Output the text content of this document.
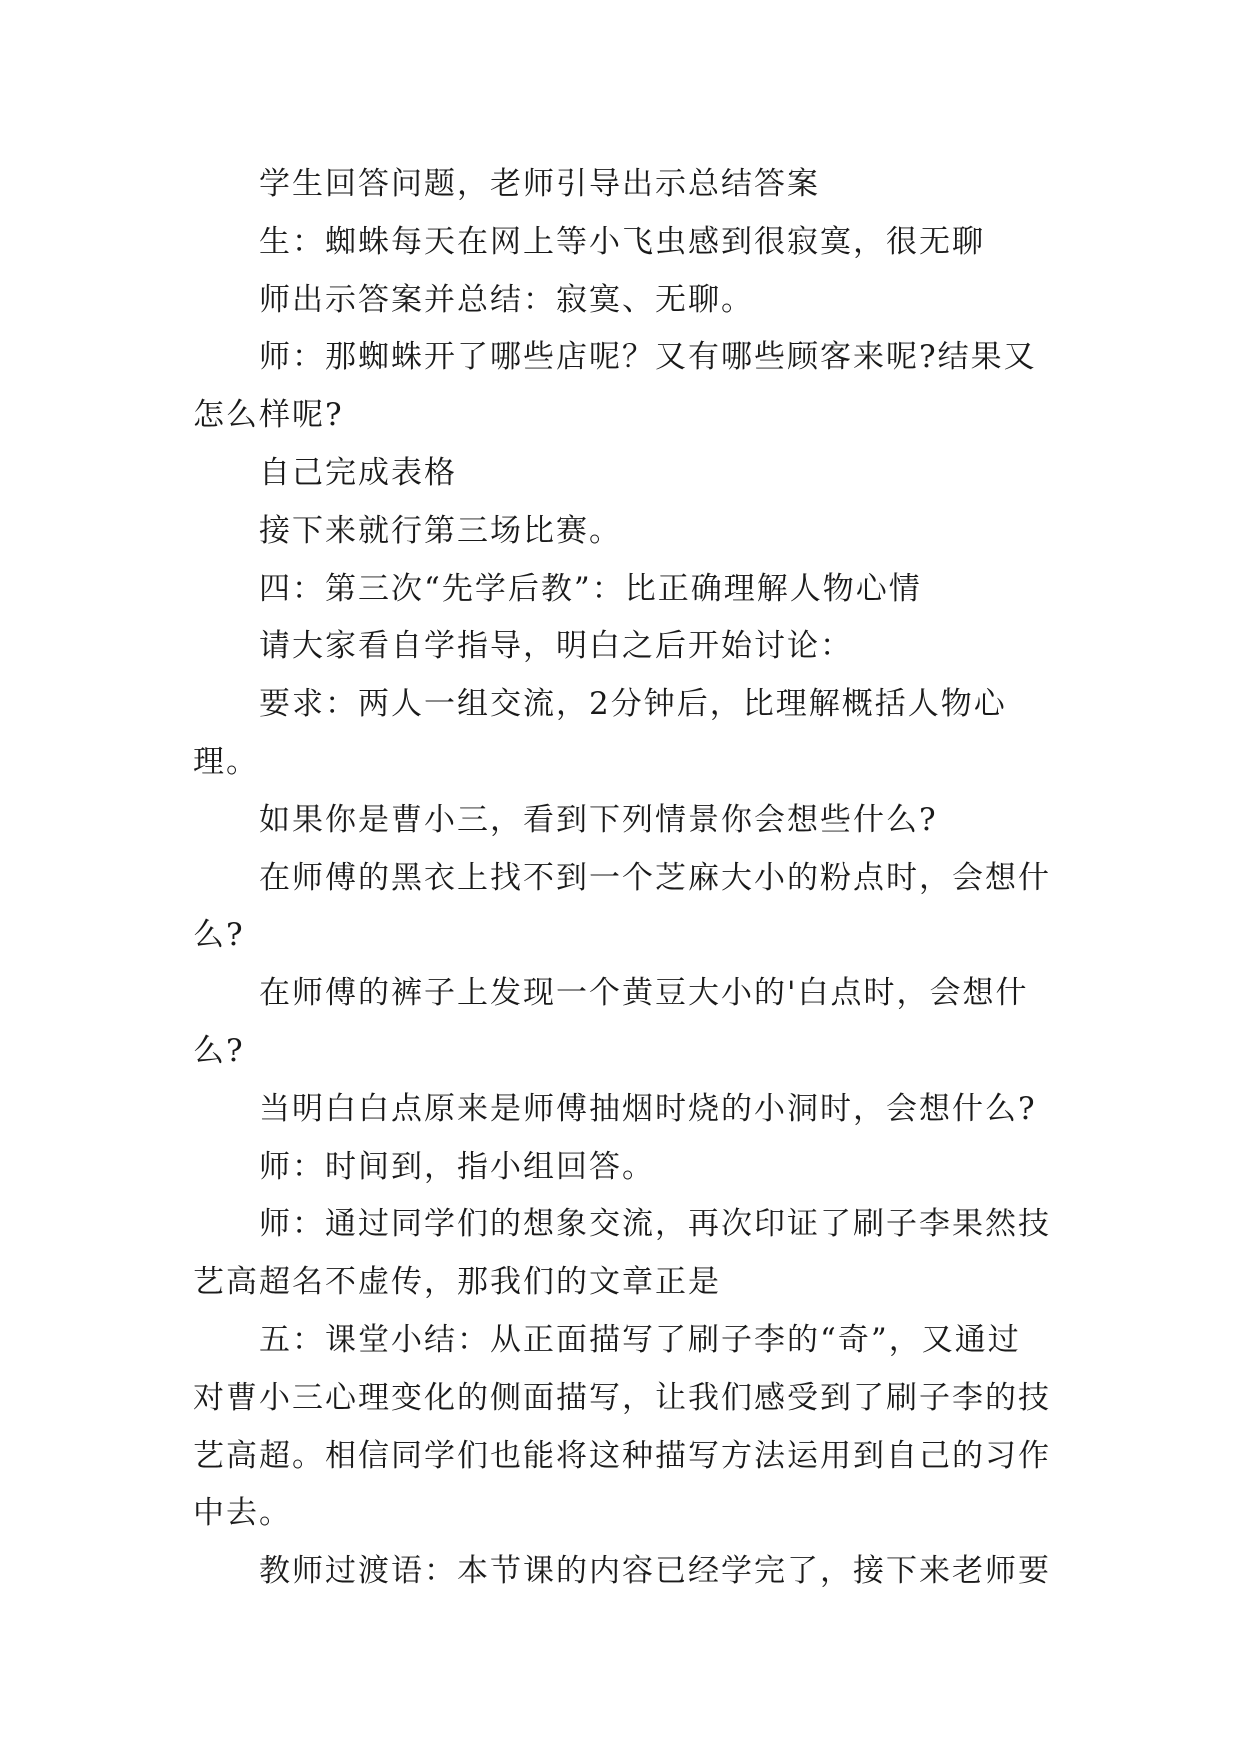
学生回答问题，老师引导出示总结答案

生：蜘蛛每天在网上等小飞虫感到很寂寞，很无聊

师出示答案并总结：寂寞、无聊。

师：那蜘蛛开了哪些店呢？又有哪些顾客来呢?结果又怎么样呢?

自己完成表格

接下来就行第三场比赛。

四：第三次“先学后教”：比正确理解人物心情

请大家看自学指导，明白之后开始讨论：

要求：两人一组交流，2分钟后，比理解概括人物心理。

如果你是曹小三，看到下列情景你会想些什么?

在师傅的黑衣上找不到一个芝麻大小的粉点时，会想什么?

在师傅的裤子上发现一个黄豆大小的'白点时，会想什么?

当明白白点原来是师傅抽烟时烧的小洞时，会想什么?

师：时间到，指小组回答。

师：通过同学们的想象交流，再次印证了刷子李果然技艺高超名不虚传，那我们的文章正是

五：课堂小结：从正面描写了刷子李的“奇”，又通过对曹小三心理变化的侧面描写，让我们感受到了刷子李的技艺高超。相信同学们也能将这种描写方法运用到自己的习作中去。

教师过渡语：本节课的内容已经学完了，接下来老师要
